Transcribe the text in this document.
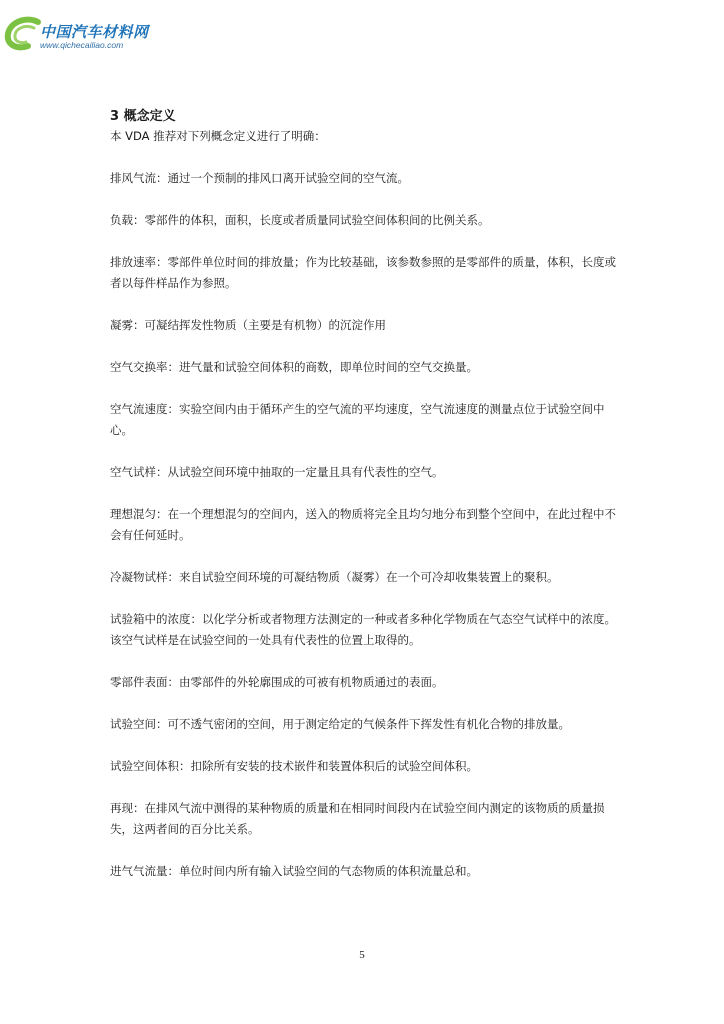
中国汽车材料网
www.qichecailiao.com

3 概念定义

本 VDA 推荐对下列概念定义进行了明确：

排风气流：通过一个预制的排风口离开试验空间的空气流。

负载：零部件的体积，面积，长度或者质量同试验空间体积间的比例关系。

排放速率：零部件单位时间的排放量；作为比较基础，该参数参照的是零部件的质量，体积，长度或者以每件样品作为参照。

凝雾：可凝结挥发性物质（主要是有机物）的沉淀作用

空气交换率：进气量和试验空间体积的商数，即单位时间的空气交换量。

空气流速度：实验空间内由于循环产生的空气流的平均速度，空气流速度的测量点位于试验空间中心。

空气试样：从试验空间环境中抽取的一定量且具有代表性的空气。

理想混匀：在一个理想混匀的空间内，送入的物质将完全且均匀地分布到整个空间中，在此过程中不会有任何延时。

冷凝物试样：来自试验空间环境的可凝结物质（凝雾）在一个可冷却收集装置上的聚积。

试验箱中的浓度：以化学分析或者物理方法测定的一种或者多种化学物质在气态空气试样中的浓度。该空气试样是在试验空间的一处具有代表性的位置上取得的。

零部件表面：由零部件的外轮廓围成的可被有机物质通过的表面。

试验空间：可不透气密闭的空间，用于测定给定的气候条件下挥发性有机化合物的排放量。

试验空间体积：扣除所有安装的技术嵌件和装置体积后的试验空间体积。

再现：在排风气流中测得的某种物质的质量和在相同时间段内在试验空间内测定的该物质的质量损失，这两者间的百分比关系。

进气气流量：单位时间内所有输入试验空间的气态物质的体积流量总和。

5
